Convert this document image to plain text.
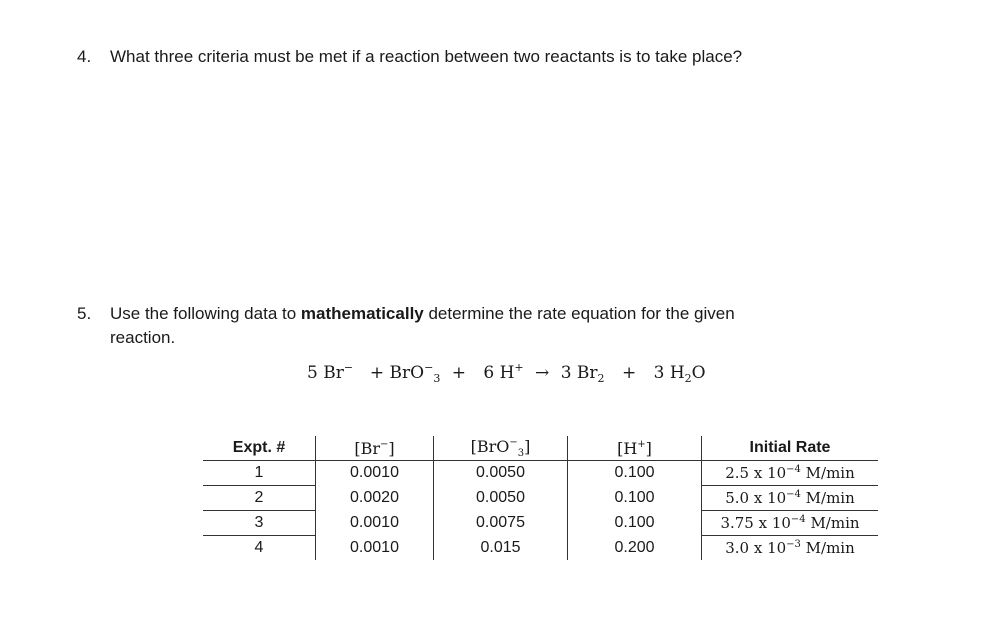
4. What three criteria must be met if a reaction between two reactants is to take place?
5. Use the following data to mathematically determine the rate equation for the given
reaction.
5 Br− + BrO−$_3$ + 6 H+ → 3 $Br_2 + 3$ $H_2O$
Expt. #	[Br−]	[BrO−$_3$]	[H+]	Initial Rate
1	0.0010	0.0050	0.100	2.5 x $10^{-4}$ M/min
2	0.0020	0.0050	0.100	5.0 x $10^{-4}$ M/min
3	0.0010	0.0075	0.100	3.75 x $10^{-4}$ M/min
4	0.0010	0.015	0.200	3.0 x $10^{-3}$ M/min
